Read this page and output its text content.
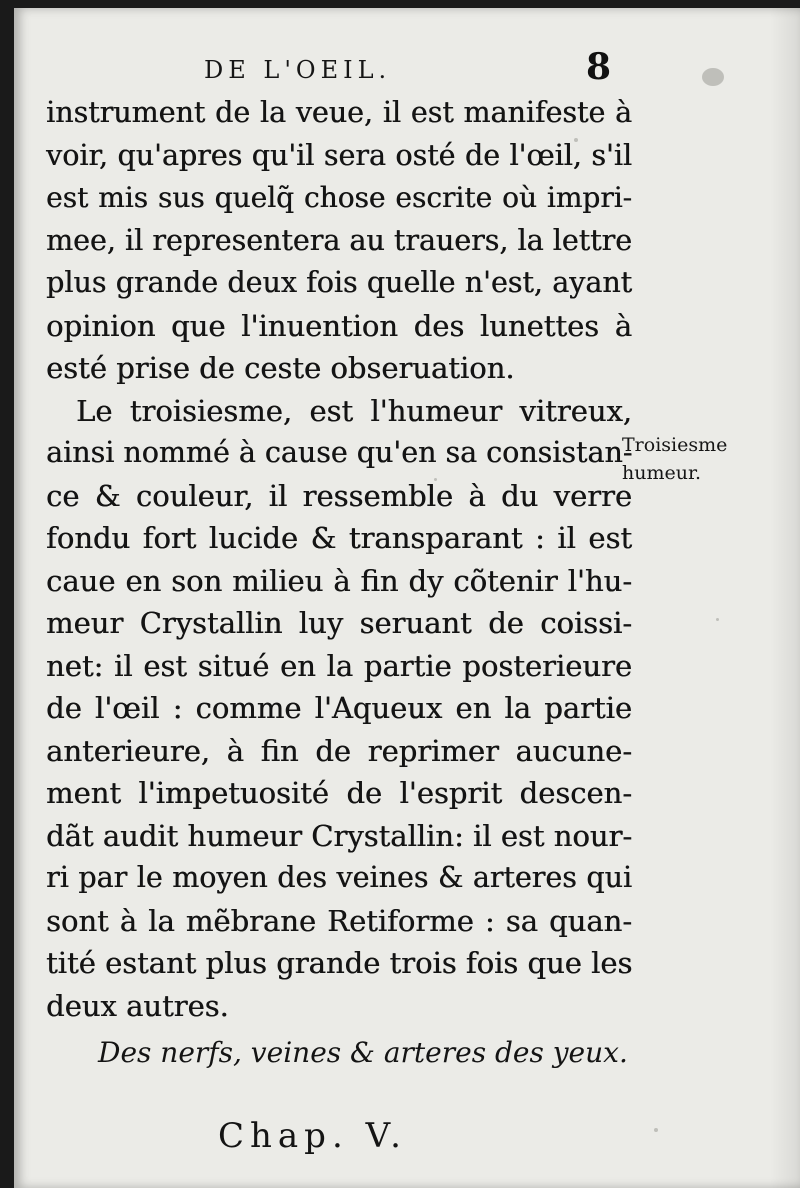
DE L'OEIL.	8
instrument de la veue, il est manifeste à
voir, qu'apres qu'il sera osté de l'œil, s'il
est mis sus quelq̃ chose escrite où impri-
mee, il representera au trauers, la lettre
plus grande deux fois quelle n'est, ayant
opinion que l'inuention des lunettes à
esté prise de ceste obseruation.
Le troisiesme, est l'humeur vitreux,
ainsi nommé à cause qu'en sa consistan-
ce & couleur, il ressemble à du verre
fondu fort lucide & transparant : il est
caue en son milieu à fin dy cõtenir l'hu-
meur Crystallin luy seruant de coissi-
net: il est situé en la partie posterieure
de l'œil : comme l'Aqueux en la partie
anterieure, à fin de reprimer aucune-
ment l'impetuosité de l'esprit descen-
dãt audit humeur Crystallin: il est nour-
ri par le moyen des veines & arteres qui
sont à la mẽbrane Retiforme : sa quan-
tité estant plus grande trois fois que les
deux autres.
Troisiesme
humeur.
Des nerfs, veines & arteres des yeux.
Chap. V.
